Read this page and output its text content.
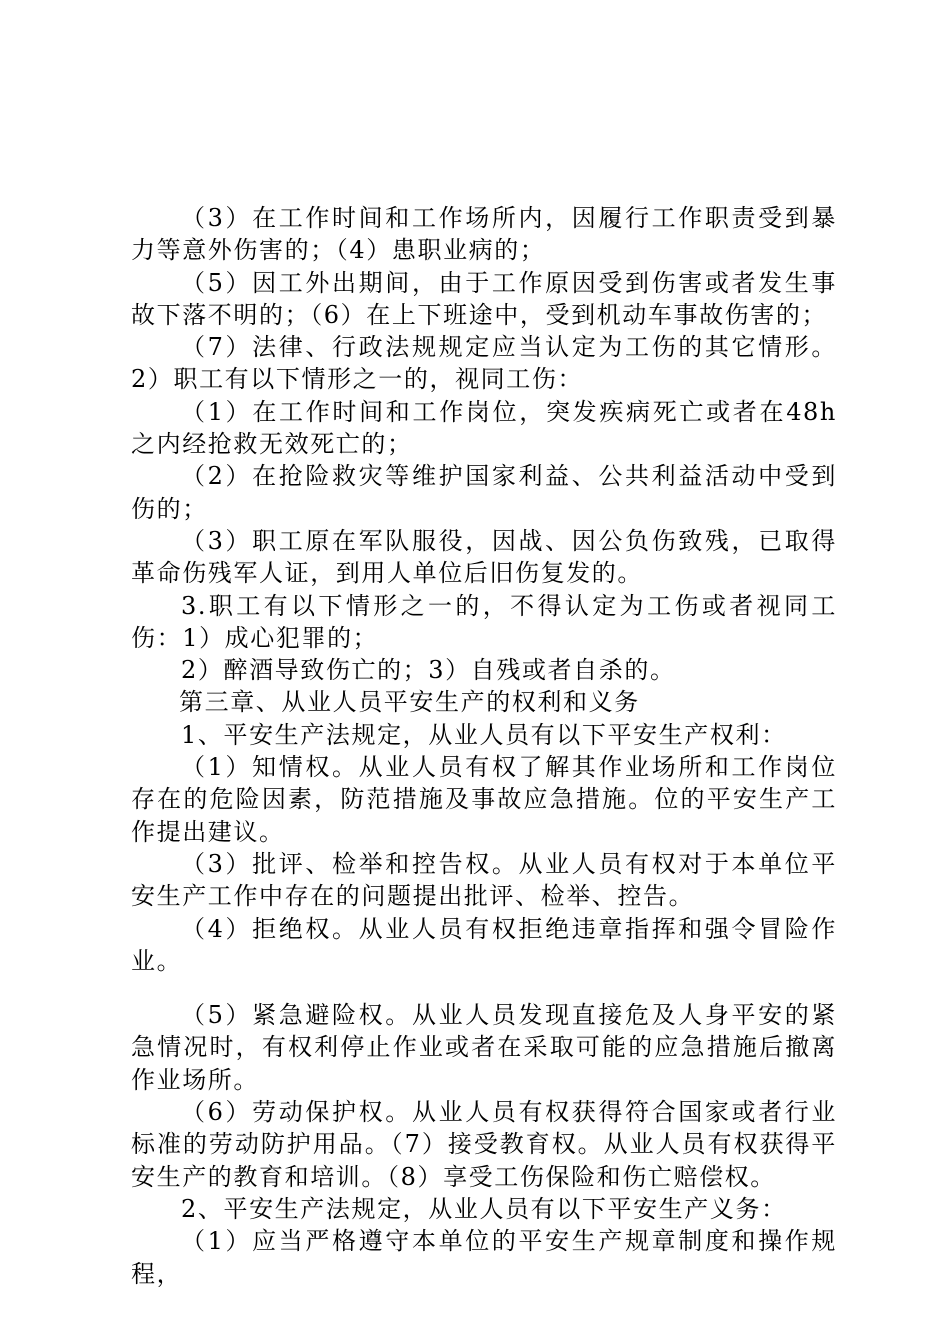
（3）在工作时间和工作场所内，因履行工作职责受到暴力等意外伤害的；（4）患职业病的；

（5）因工外出期间，由于工作原因受到伤害或者发生事故下落不明的；（6）在上下班途中，受到机动车事故伤害的；

（7）法律、行政法规规定应当认定为工伤的其它情形。2）职工有以下情形之一的，视同工伤：

（1）在工作时间和工作岗位，突发疾病死亡或者在48h之内经抢救无效死亡的；

（2）在抢险救灾等维护国家利益、公共利益活动中受到伤的；

（3）职工原在军队服役，因战、因公负伤致残，已取得革命伤残军人证，到用人单位后旧伤复发的。

3.职工有以下情形之一的，不得认定为工伤或者视同工伤：1）成心犯罪的；

2）醉酒导致伤亡的；3）自残或者自杀的。

第三章、从业人员平安生产的权利和义务

1、平安生产法规定，从业人员有以下平安生产权利：

（1）知情权。从业人员有权了解其作业场所和工作岗位存在的危险因素，防范措施及事故应急措施。位的平安生产工作提出建议。

（3）批评、检举和控告权。从业人员有权对于本单位平安生产工作中存在的问题提出批评、检举、控告。

（4）拒绝权。从业人员有权拒绝违章指挥和强令冒险作业。

（5）紧急避险权。从业人员发现直接危及人身平安的紧急情况时，有权利停止作业或者在采取可能的应急措施后撤离作业场所。

（6）劳动保护权。从业人员有权获得符合国家或者行业标准的劳动防护用品。（7）接受教育权。从业人员有权获得平安生产的教育和培训。（8）享受工伤保险和伤亡赔偿权。

2、平安生产法规定，从业人员有以下平安生产义务：

（1）应当严格遵守本单位的平安生产规章制度和操作规程，
